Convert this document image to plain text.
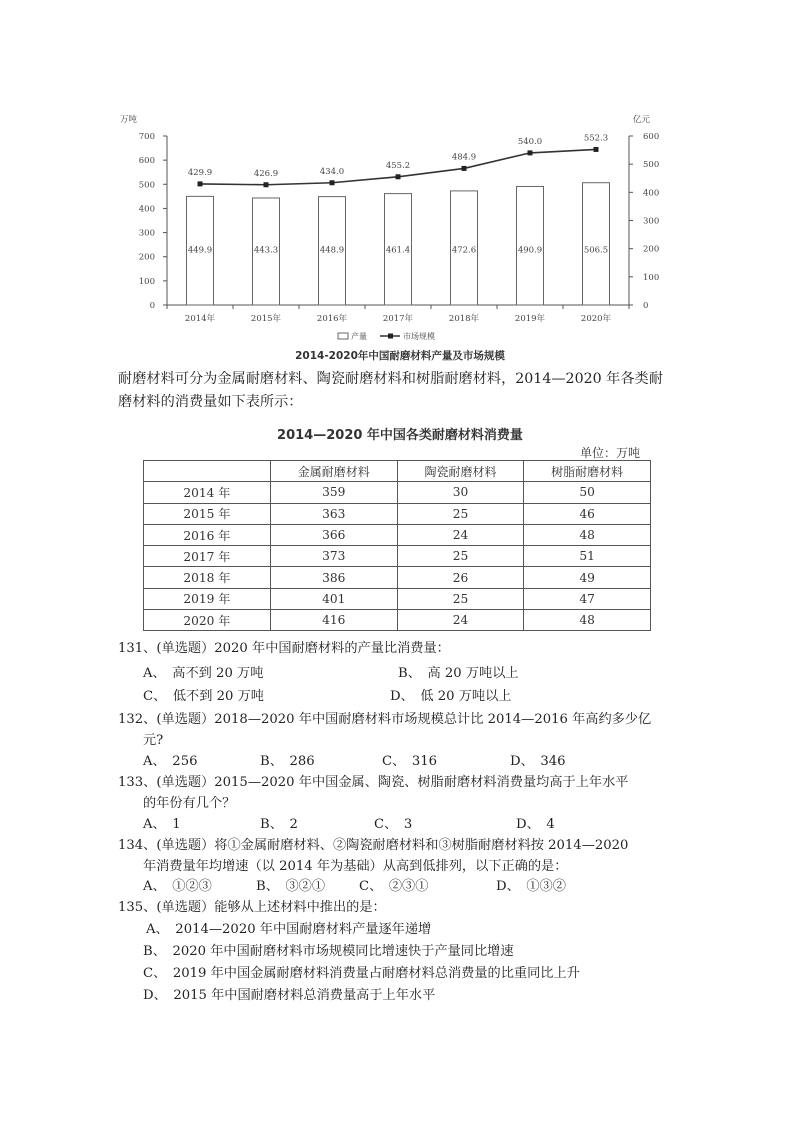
万吨	亿元
0
100
200
300
400
500
600
700
0
100
200
300
400
500
600
2014年	2015年	2016年	2017年	2018年	2019年	2020年
449.9	443.3	448.9	461.4	472.6	490.9	506.5
429.9	426.9	434.0
455.2
484.9
540.0	552.3
产量	市场规模
2014-2020年中国耐磨材料产量及市场规模
耐磨材料可分为金属耐磨材料、陶瓷耐磨材料和树脂耐磨材料，2014—2020 年各类耐
磨材料的消费量如下表所示：
2014—2020 年中国各类耐磨材料消费量
单位：万吨
	金属耐磨材料	陶瓷耐磨材料	树脂耐磨材料
2014 年	359	30	50
2015 年	363	25	46
2016 年	366	24	48
2017 年	373	25	51
2018 年	386	26	49
2019 年	401	25	47
2020 年	416	24	48
131、(单选题）2020 年中国耐磨材料的产量比消费量：
A、　高不到 20 万吨	B、　高 20 万吨以上
C、　低不到 20 万吨	D、　低 20 万吨以上
132、(单选题）2018—2020 年中国耐磨材料市场规模总计比 2014—2016 年高约多少亿
元?
A、　256	B、　286	C、　316	D、　346
133、(单选题）2015—2020 年中国金属、陶瓷、树脂耐磨材料消费量均高于上年水平
的年份有几个？
A、　1	B、　2	C、　3	D、　4
134、(单选题）将①金属耐磨材料、②陶瓷耐磨材料和③树脂耐磨材料按 2014—2020
年消费量年均增速（以 2014 年为基础）从高到低排列，以下正确的是：
A、　①②③	B、　③②①	C、　②③①	D、　①③②
135、(单选题）能够从上述材料中推出的是：
A、　2014—2020 年中国耐磨材料产量逐年递增
B、　2020 年中国耐磨材料市场规模同比增速快于产量同比增速
C、　2019 年中国金属耐磨材料消费量占耐磨材料总消费量的比重同比上升
D、　2015 年中国耐磨材料总消费量高于上年水平
